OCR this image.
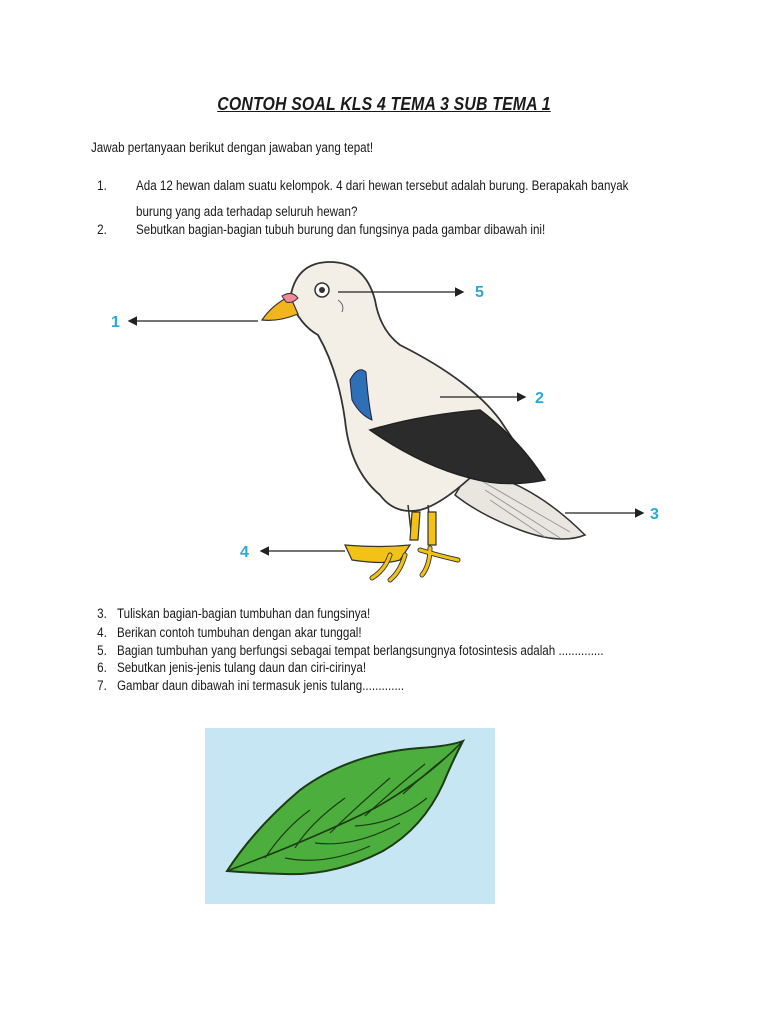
CONTOH SOAL KLS 4 TEMA 3 SUB TEMA 1
Jawab pertanyaan berikut dengan jawaban yang tepat!
1. Ada 12 hewan dalam suatu kelompok. 4 dari hewan tersebut adalah burung. Berapakah banyak
burung yang ada terhadap seluruh hewan?
2. Sebutkan bagian-bagian tubuh burung dan fungsinya pada gambar dibawah ini!
1
2
3
4
5
3. Tuliskan bagian-bagian tumbuhan dan fungsinya!
4. Berikan contoh tumbuhan dengan akar tunggal!
5. Bagian tumbuhan yang berfungsi sebagai tempat berlangsungnya fotosintesis adalah ..............
6. Sebutkan jenis-jenis tulang daun dan ciri-cirinya!
7. Gambar daun dibawah ini termasuk jenis tulang.............
